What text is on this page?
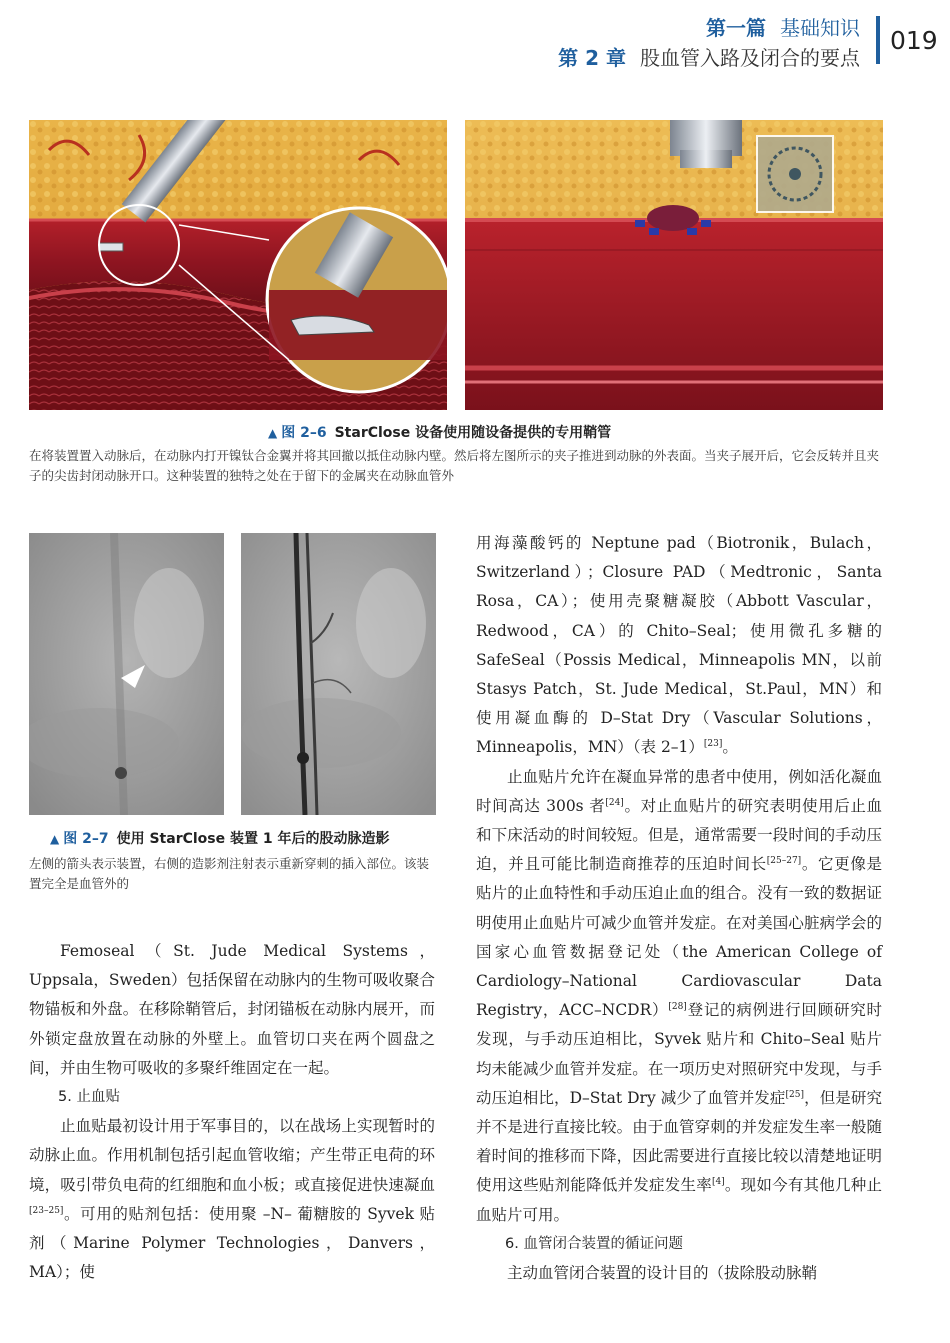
第一篇 基础知识
第 2 章 股血管入路及闭合的要点
019
▲ 图 2–6 StarClose 设备使用随设备提供的专用鞘管
在将装置置入动脉后，在动脉内打开镍钛合金翼并将其回撤以抵住动脉内壁。然后将左图所示的夹子推进到动脉的外表面。当夹子展开后，它会反转并且夹子的尖齿封闭动脉开口。这种装置的独特之处在于留下的金属夹在动脉血管外
▲ 图 2–7 使用 StarClose 装置 1 年后的股动脉造影
左侧的箭头表示装置，右侧的造影剂注射表示重新穿刺的插入部位。该装置完全是血管外的

Femoseal（St. Jude Medical Systems，Uppsala，Sweden）包括保留在动脉内的生物可吸收聚合物锚板和外盘。在移除鞘管后，封闭锚板在动脉内展开，而外锁定盘放置在动脉的外壁上。血管切口夹在两个圆盘之间，并由生物可吸收的多聚纤维固定在一起。

5. 止血贴

止血贴最初设计用于军事目的，以在战场上实现暂时的动脉止血。作用机制包括引起血管收缩；产生带正电荷的环境，吸引带负电荷的红细胞和血小板；或直接促进快速凝血[23–25]。可用的贴剂包括：使用聚 –N– 葡糖胺的 Syvek 贴剂（Marine Polymer Technologies，Danvers，MA）；使

用海藻酸钙的 Neptune pad（Biotronik，Bulach，Switzerland）；Closure PAD（Medtronic，Santa Rosa，CA）；使用壳聚糖凝胶（Abbott Vascular，Redwood，CA）的 Chito–Seal；使用微孔多糖的 SafeSeal（Possis Medical，Minneapolis MN，以前 Stasys Patch，St. Jude Medical，St.Paul，MN）和使用凝血酶的 D–Stat Dry（Vascular Solutions，Minneapolis，MN）（表 2–1）[23]。

止血贴片允许在凝血异常的患者中使用，例如活化凝血时间高达 300s 者[24]。对止血贴片的研究表明使用后止血和下床活动的时间较短。但是，通常需要一段时间的手动压迫，并且可能比制造商推荐的压迫时间长[25–27]。它更像是贴片的止血特性和手动压迫止血的组合。没有一致的数据证明使用止血贴片可减少血管并发症。在对美国心脏病学会的国家心血管数据登记处（the American College of Cardiology–National Cardiovascular Data Registry，ACC–NCDR）[28]登记的病例进行回顾研究时发现，与手动压迫相比，Syvek 贴片和 Chito–Seal 贴片均未能减少血管并发症。在一项历史对照研究中发现，与手动压迫相比，D–Stat Dry 减少了血管并发症[25]，但是研究并不是进行直接比较。由于血管穿刺的并发症发生率一般随着时间的推移而下降，因此需要进行直接比较以清楚地证明使用这些贴剂能降低并发症发生率[4]。现如今有其他几种止血贴片可用。

6. 血管闭合装置的循证问题

主动血管闭合装置的设计目的（拔除股动脉鞘
